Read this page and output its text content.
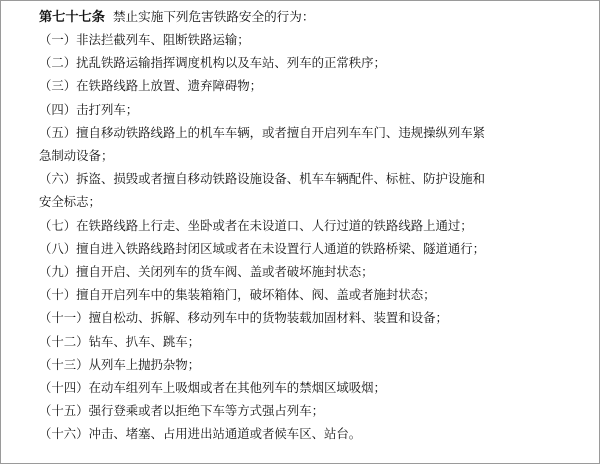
第七十七条 禁止实施下列危害铁路安全的行为：

（一）非法拦截列车、阻断铁路运输；

（二）扰乱铁路运输指挥调度机构以及车站、列车的正常秩序；

（三）在铁路线路上放置、遗弃障碍物；

（四）击打列车；

（五）擅自移动铁路线路上的机车车辆，或者擅自开启列车车门、违规操纵列车紧
急制动设备；

（六）拆盗、损毁或者擅自移动铁路设施设备、机车车辆配件、标桩、防护设施和
安全标志；

（七）在铁路线路上行走、坐卧或者在未设道口、人行过道的铁路线路上通过；

（八）擅自进入铁路线路封闭区域或者在未设置行人通道的铁路桥梁、隧道通行；

（九）擅自开启、关闭列车的货车阀、盖或者破坏施封状态；

（十）擅自开启列车中的集装箱箱门，破坏箱体、阀、盖或者施封状态；

（十一）擅自松动、拆解、移动列车中的货物装载加固材料、装置和设备；

（十二）钻车、扒车、跳车；

（十三）从列车上抛扔杂物；

（十四）在动车组列车上吸烟或者在其他列车的禁烟区域吸烟；

（十五）强行登乘或者以拒绝下车等方式强占列车；

（十六）冲击、堵塞、占用进出站通道或者候车区、站台。
